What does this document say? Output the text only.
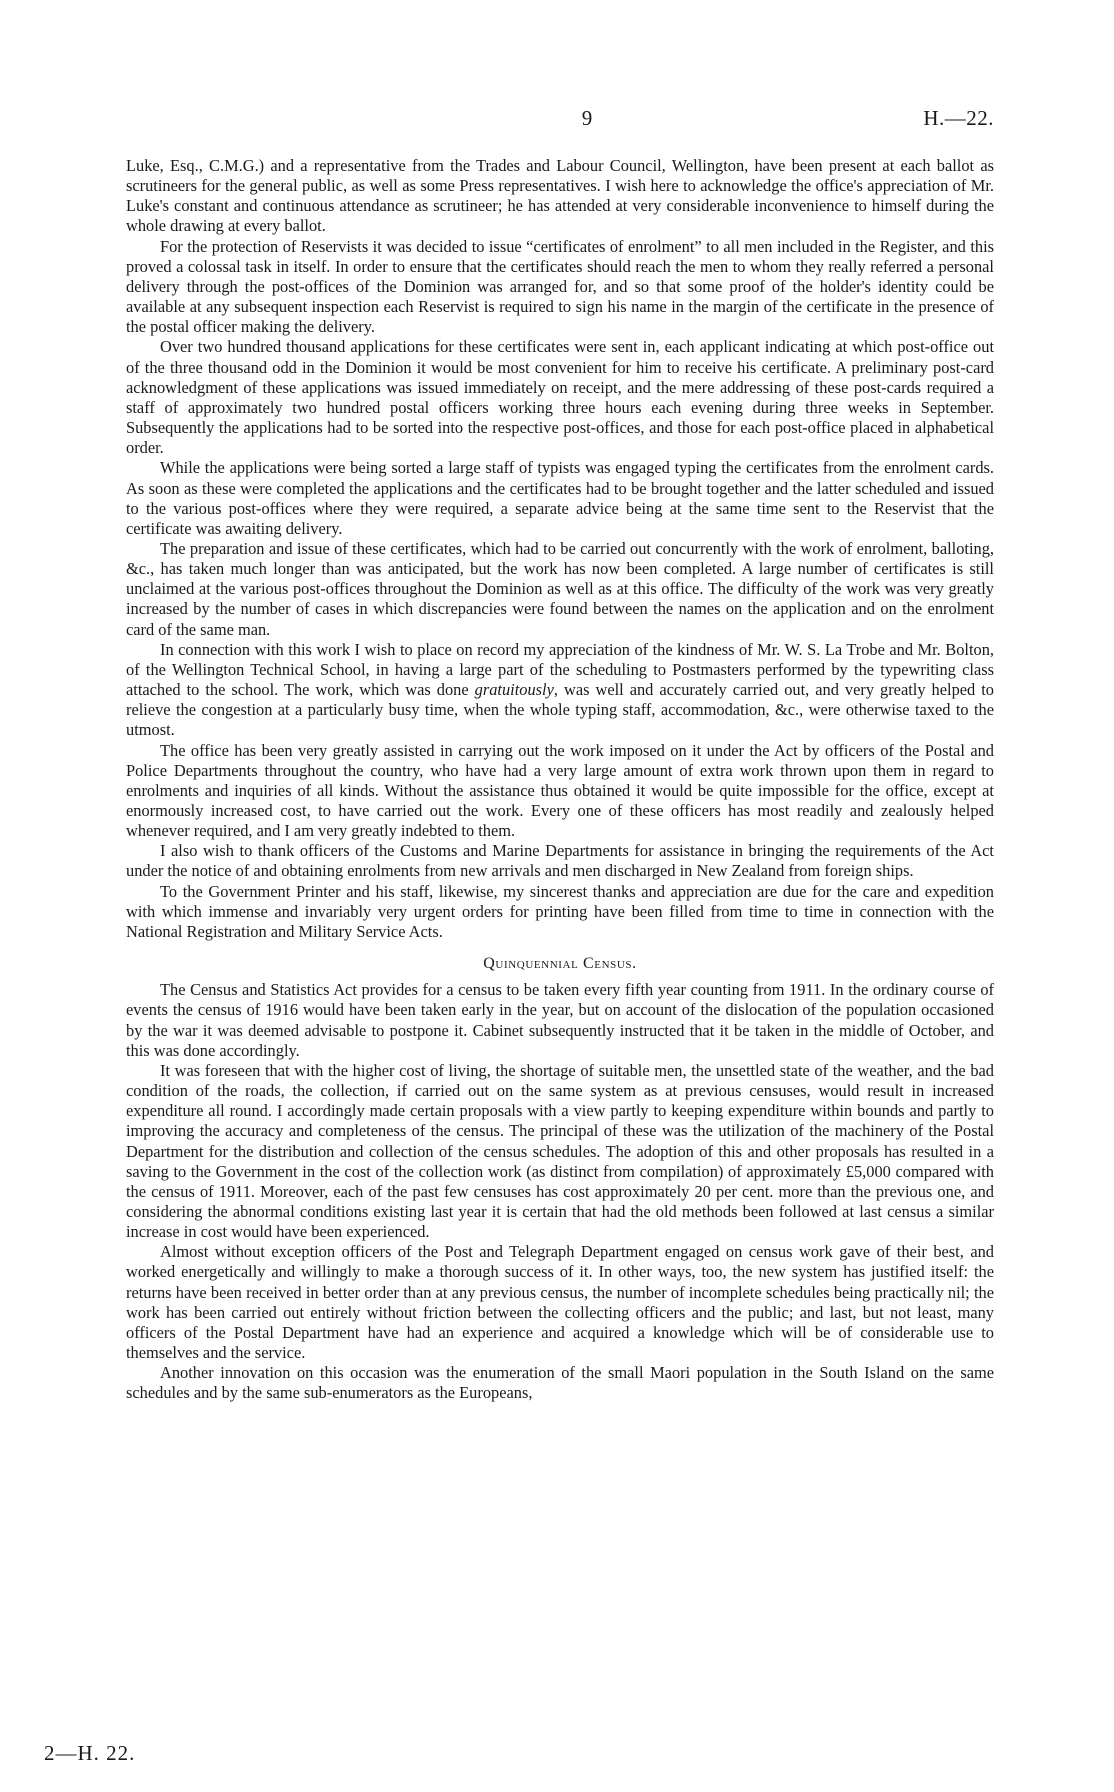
9	H.—22.

Luke, Esq., C.M.G.) and a representative from the Trades and Labour Council, Wellington, have been present at each ballot as scrutineers for the general public, as well as some Press representatives. I wish here to acknowledge the office's appreciation of Mr. Luke's constant and continuous attendance as scrutineer; he has attended at very considerable inconvenience to himself during the whole drawing at every ballot.

For the protection of Reservists it was decided to issue “certificates of enrolment” to all men included in the Register, and this proved a colossal task in itself. In order to ensure that the certificates should reach the men to whom they really referred a personal delivery through the post-offices of the Dominion was arranged for, and so that some proof of the holder's identity could be available at any subsequent inspection each Reservist is required to sign his name in the margin of the certificate in the presence of the postal officer making the delivery.

Over two hundred thousand applications for these certificates were sent in, each applicant indicating at which post-office out of the three thousand odd in the Dominion it would be most convenient for him to receive his certificate. A preliminary post-card acknowledgment of these applications was issued immediately on receipt, and the mere addressing of these post-cards required a staff of approximately two hundred postal officers working three hours each evening during three weeks in September. Subsequently the applications had to be sorted into the respective post-offices, and those for each post-office placed in alphabetical order.

While the applications were being sorted a large staff of typists was engaged typing the certificates from the enrolment cards. As soon as these were completed the applications and the certificates had to be brought together and the latter scheduled and issued to the various post-offices where they were required, a separate advice being at the same time sent to the Reservist that the certificate was awaiting delivery.

The preparation and issue of these certificates, which had to be carried out concurrently with the work of enrolment, balloting, &c., has taken much longer than was anticipated, but the work has now been completed. A large number of certificates is still unclaimed at the various post-offices throughout the Dominion as well as at this office. The difficulty of the work was very greatly increased by the number of cases in which discrepancies were found between the names on the application and on the enrolment card of the same man.

In connection with this work I wish to place on record my appreciation of the kindness of Mr. W. S. La Trobe and Mr. Bolton, of the Wellington Technical School, in having a large part of the scheduling to Postmasters performed by the typewriting class attached to the school. The work, which was done gratuitously, was well and accurately carried out, and very greatly helped to relieve the congestion at a particularly busy time, when the whole typing staff, accommodation, &c., were otherwise taxed to the utmost.

The office has been very greatly assisted in carrying out the work imposed on it under the Act by officers of the Postal and Police Departments throughout the country, who have had a very large amount of extra work thrown upon them in regard to enrolments and inquiries of all kinds. Without the assistance thus obtained it would be quite impossible for the office, except at enormously increased cost, to have carried out the work. Every one of these officers has most readily and zealously helped whenever required, and I am very greatly indebted to them.

I also wish to thank officers of the Customs and Marine Departments for assistance in bringing the requirements of the Act under the notice of and obtaining enrolments from new arrivals and men discharged in New Zealand from foreign ships.

To the Government Printer and his staff, likewise, my sincerest thanks and appreciation are due for the care and expedition with which immense and invariably very urgent orders for printing have been filled from time to time in connection with the National Registration and Military Service Acts.

Quinquennial Census.

The Census and Statistics Act provides for a census to be taken every fifth year counting from 1911. In the ordinary course of events the census of 1916 would have been taken early in the year, but on account of the dislocation of the population occasioned by the war it was deemed advisable to postpone it. Cabinet subsequently instructed that it be taken in the middle of October, and this was done accordingly.

It was foreseen that with the higher cost of living, the shortage of suitable men, the unsettled state of the weather, and the bad condition of the roads, the collection, if carried out on the same system as at previous censuses, would result in increased expenditure all round. I accordingly made certain proposals with a view partly to keeping expenditure within bounds and partly to improving the accuracy and completeness of the census. The principal of these was the utilization of the machinery of the Postal Department for the distribution and collection of the census schedules. The adoption of this and other proposals has resulted in a saving to the Government in the cost of the collection work (as distinct from compilation) of approximately £5,000 compared with the census of 1911. Moreover, each of the past few censuses has cost approximately 20 per cent. more than the previous one, and considering the abnormal conditions existing last year it is certain that had the old methods been followed at last census a similar increase in cost would have been experienced.

Almost without exception officers of the Post and Telegraph Department engaged on census work gave of their best, and worked energetically and willingly to make a thorough success of it. In other ways, too, the new system has justified itself: the returns have been received in better order than at any previous census, the number of incomplete schedules being practically nil; the work has been carried out entirely without friction between the collecting officers and the public; and last, but not least, many officers of the Postal Department have had an experience and acquired a knowledge which will be of considerable use to themselves and the service.

Another innovation on this occasion was the enumeration of the small Maori population in the South Island on the same schedules and by the same sub-enumerators as the Europeans,

2—H. 22.
